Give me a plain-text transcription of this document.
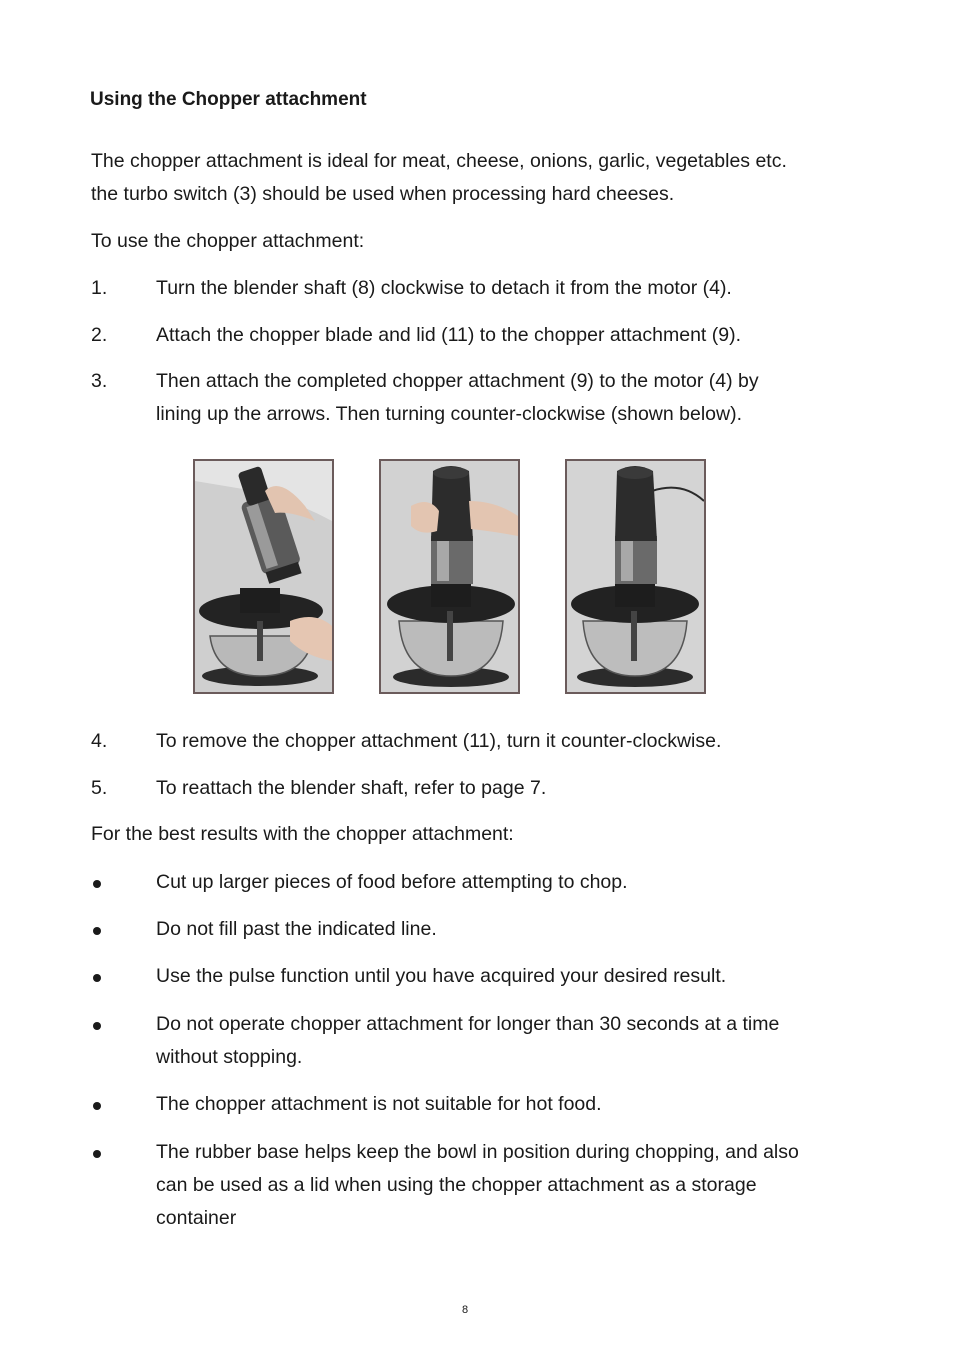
Using the Chopper attachment

The chopper attachment is ideal for meat, cheese, onions, garlic, vegetables etc.
the turbo switch (3) should be used when processing hard cheeses.

To use the chopper attachment:

1.	Turn the blender shaft (8) clockwise to detach it from the motor (4).
2.	Attach the chopper blade and lid (11) to the chopper attachment (9).
3.	Then attach the completed chopper attachment (9) to the motor (4) by
lining up the arrows. Then turning counter-clockwise (shown below).
4.	To remove the chopper attachment (11), turn it counter-clockwise.
5.	To reattach the blender shaft, refer to page 7.

For the best results with the chopper attachment:

Cut up larger pieces of food before attempting to chop.
Do not fill past the indicated line.
Use the pulse function until you have acquired your desired result.
Do not operate chopper attachment for longer than 30 seconds at a time
without stopping.
The chopper attachment is not suitable for hot food.
The rubber base helps keep the bowl in position during chopping, and also
can be used as a lid when using the chopper attachment as a storage
container
8
